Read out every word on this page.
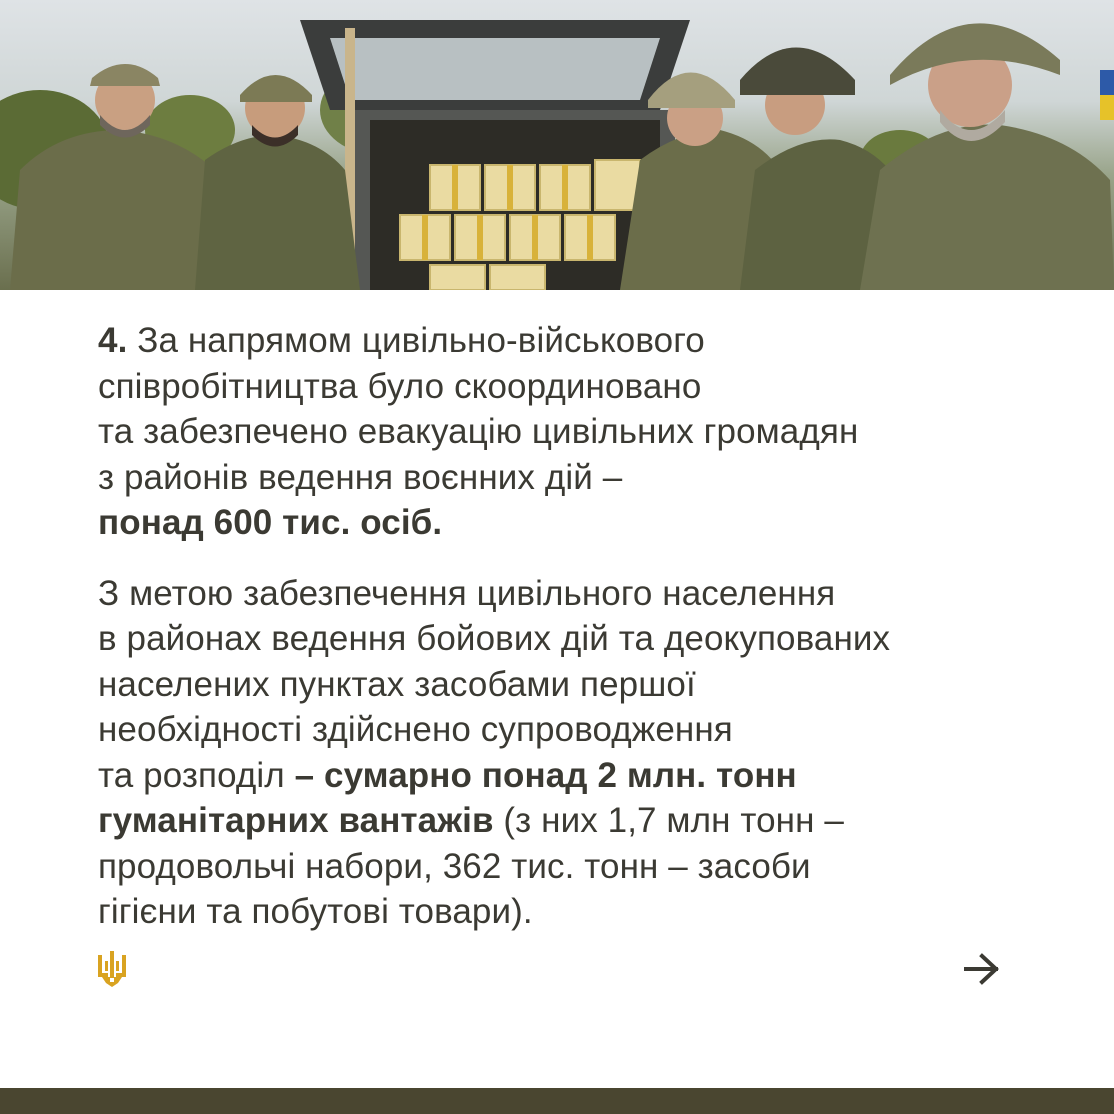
4. За напрямом цивільно-військового
співробітництва було скоординовано
та забезпечено евакуацію цивільних громадян
з районів ведення воєнних дій –
понад 600 тис. осіб.

З метою забезпечення цивільного населення
в районах ведення бойових дій та деокупованих
населених пунктах засобами першої
необхідності здійснено супроводження
та розподіл – сумарно понад 2 млн. тонн
гуманітарних вантажів (з них 1,7 млн тонн –
продовольчі набори, 362 тис. тонн – засоби
гігієни та побутові товари).
